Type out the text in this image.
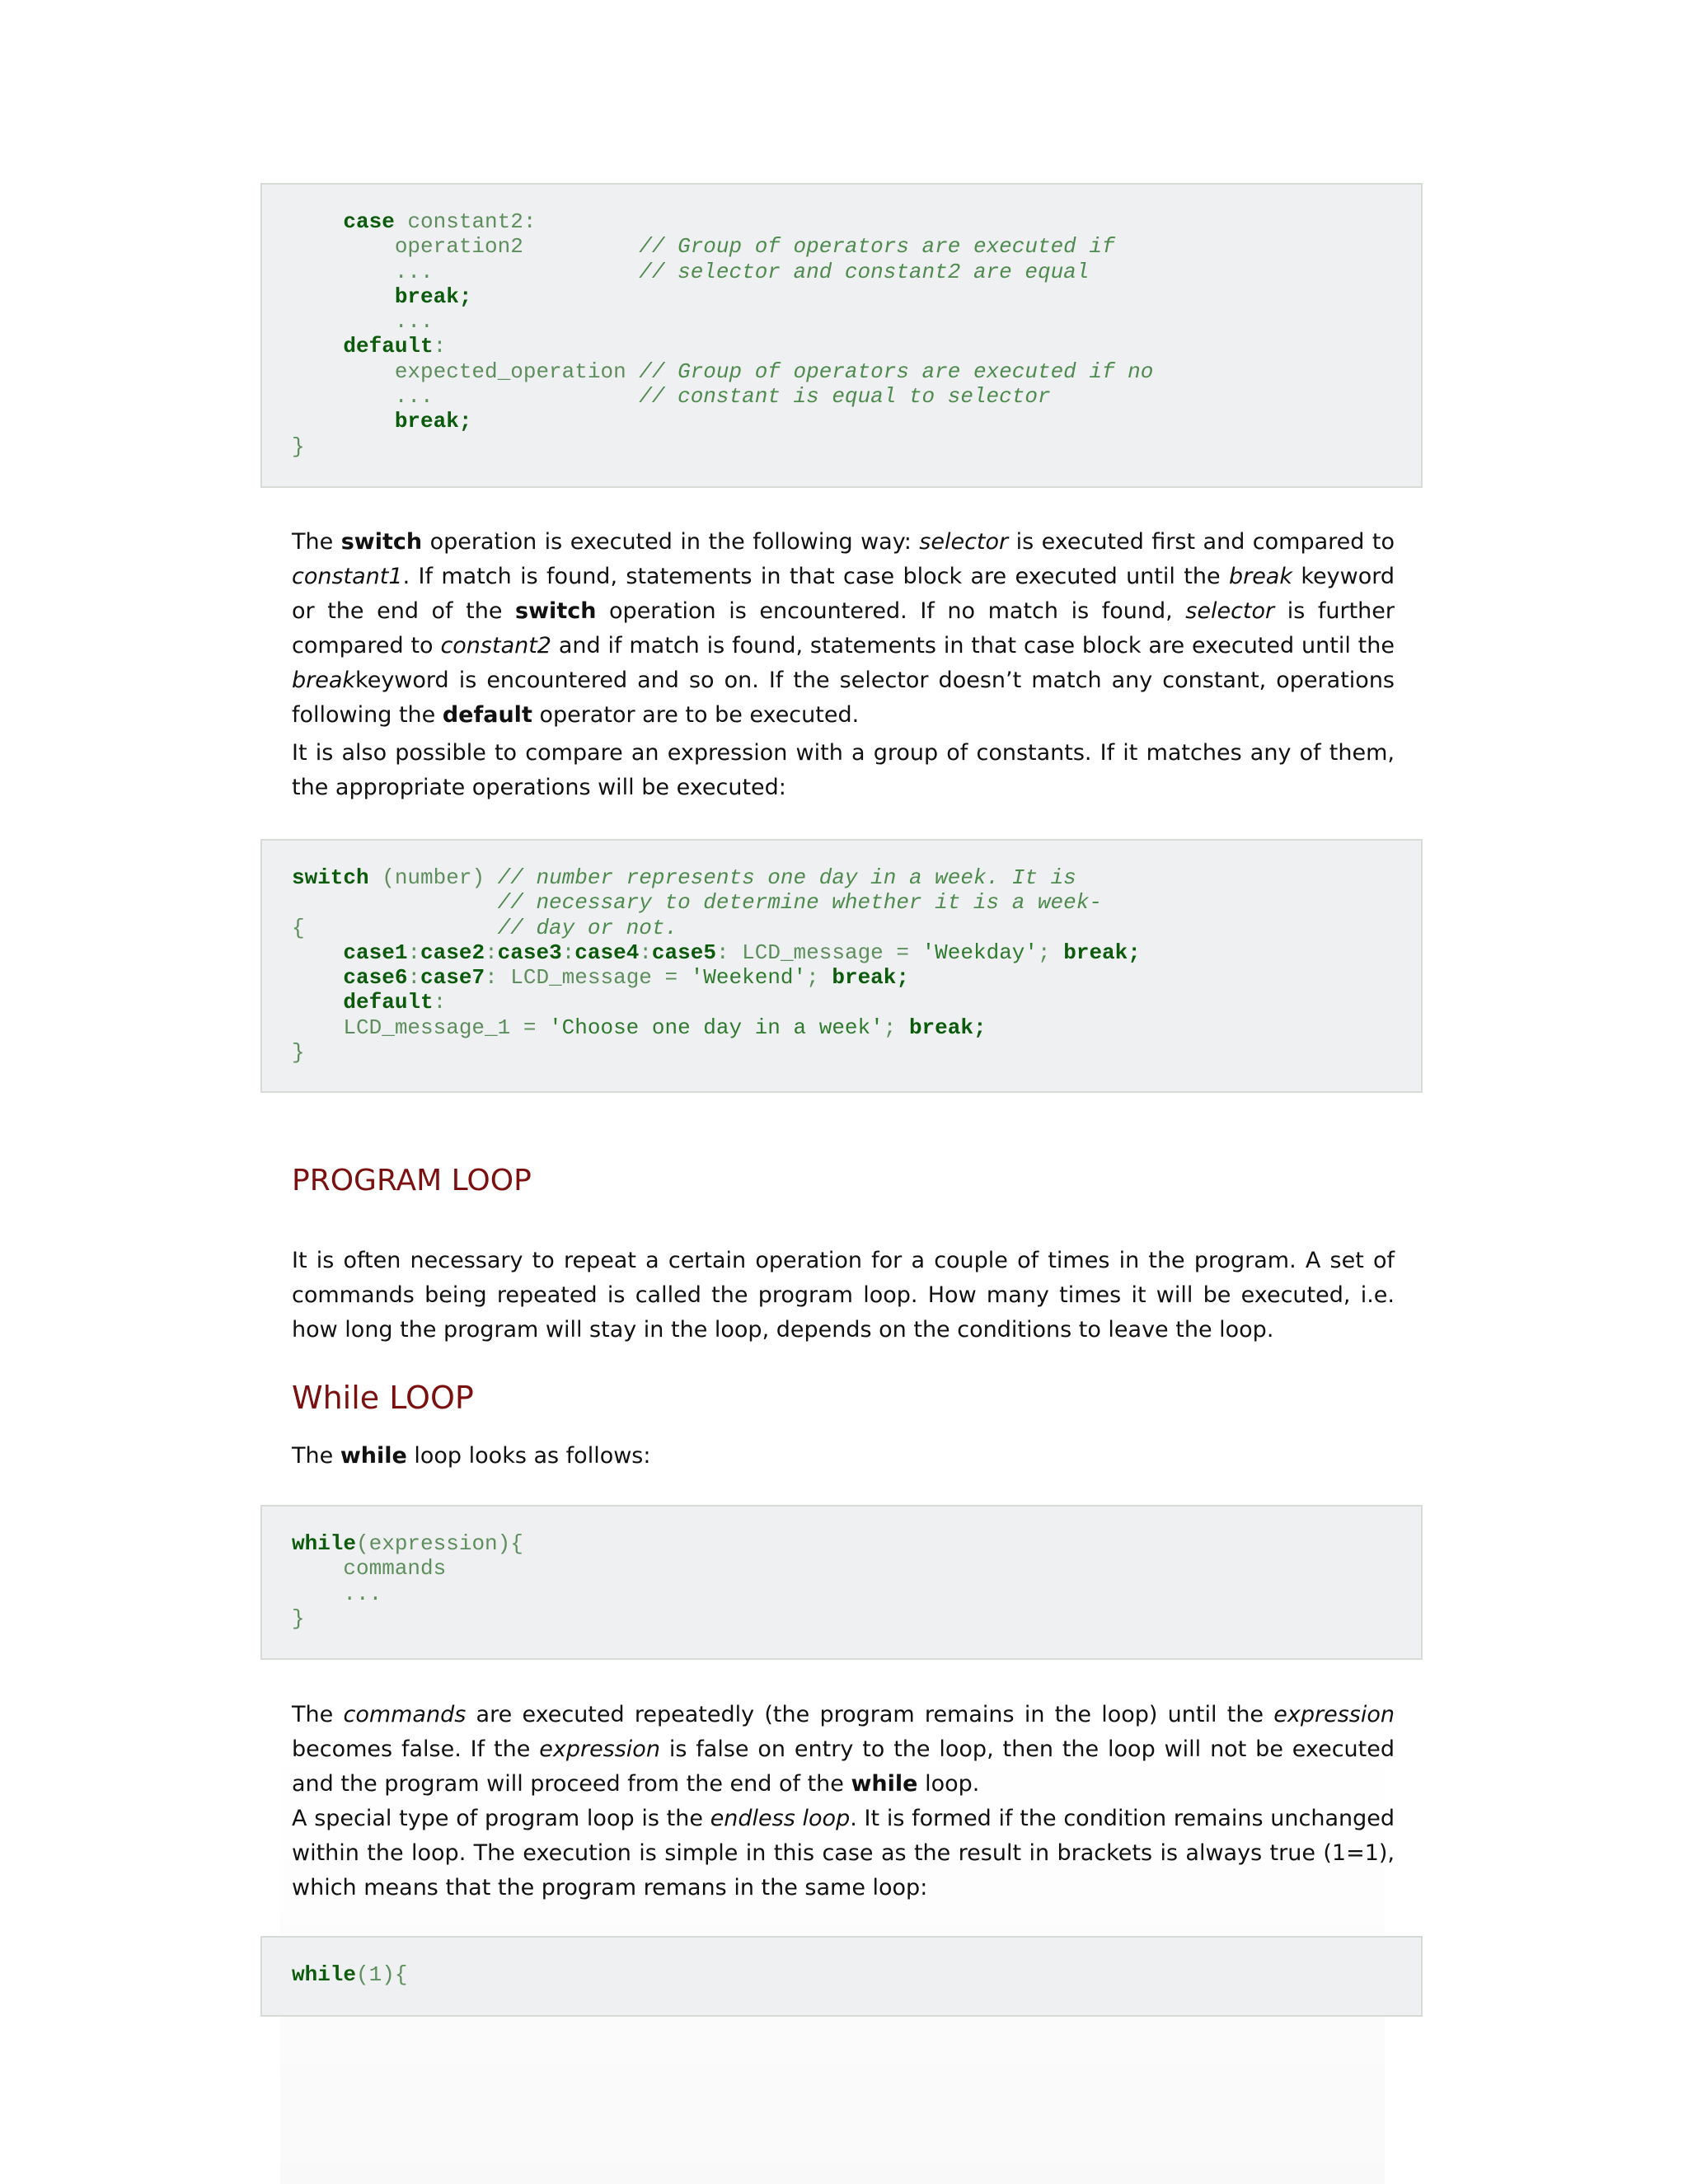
case constant2:
operation2         // Group of operators are executed if
...                // selector and constant2 are equal
break;
...
default:
expected_operation // Group of operators are executed if no
...                // constant is equal to selector
break;
}

The switch operation is executed in the following way: selector is executed first and compared to constant1. If match is found, statements in that case block are executed until the break keyword or the end of the switch operation is encountered. If no match is found, selector is further compared to constant2 and if match is found, statements in that case block are executed until the breakkeyword is encountered and so on. If the selector doesn’t match any constant, operations following the default operator are to be executed.

It is also possible to compare an expression with a group of constants. If it matches any of them, the appropriate operations will be executed:

switch (number) // number represents one day in a week. It is
// necessary to determine whether it is a week-
{               // day or not.
case1:case2:case3:case4:case5: LCD_message = 'Weekday'; break;
case6:case7: LCD_message = 'Weekend'; break;
default:
LCD_message_1 = 'Choose one day in a week'; break;
}
PROGRAM LOOP

It is often necessary to repeat a certain operation for a couple of times in the program. A set of commands being repeated is called the program loop. How many times it will be executed, i.e. how long the program will stay in the loop, depends on the conditions to leave the loop.

While LOOP

The while loop looks as follows:

while(expression){
commands
...
}

The commands are executed repeatedly (the program remains in the loop) until the expression becomes false. If the expression is false on entry to the loop, then the loop will not be executed and the program will proceed from the end of the while loop.

A special type of program loop is the endless loop. It is formed if the condition remains unchanged within the loop. The execution is simple in this case as the result in brackets is always true (1=1), which means that the program remans in the same loop:

while(1){
